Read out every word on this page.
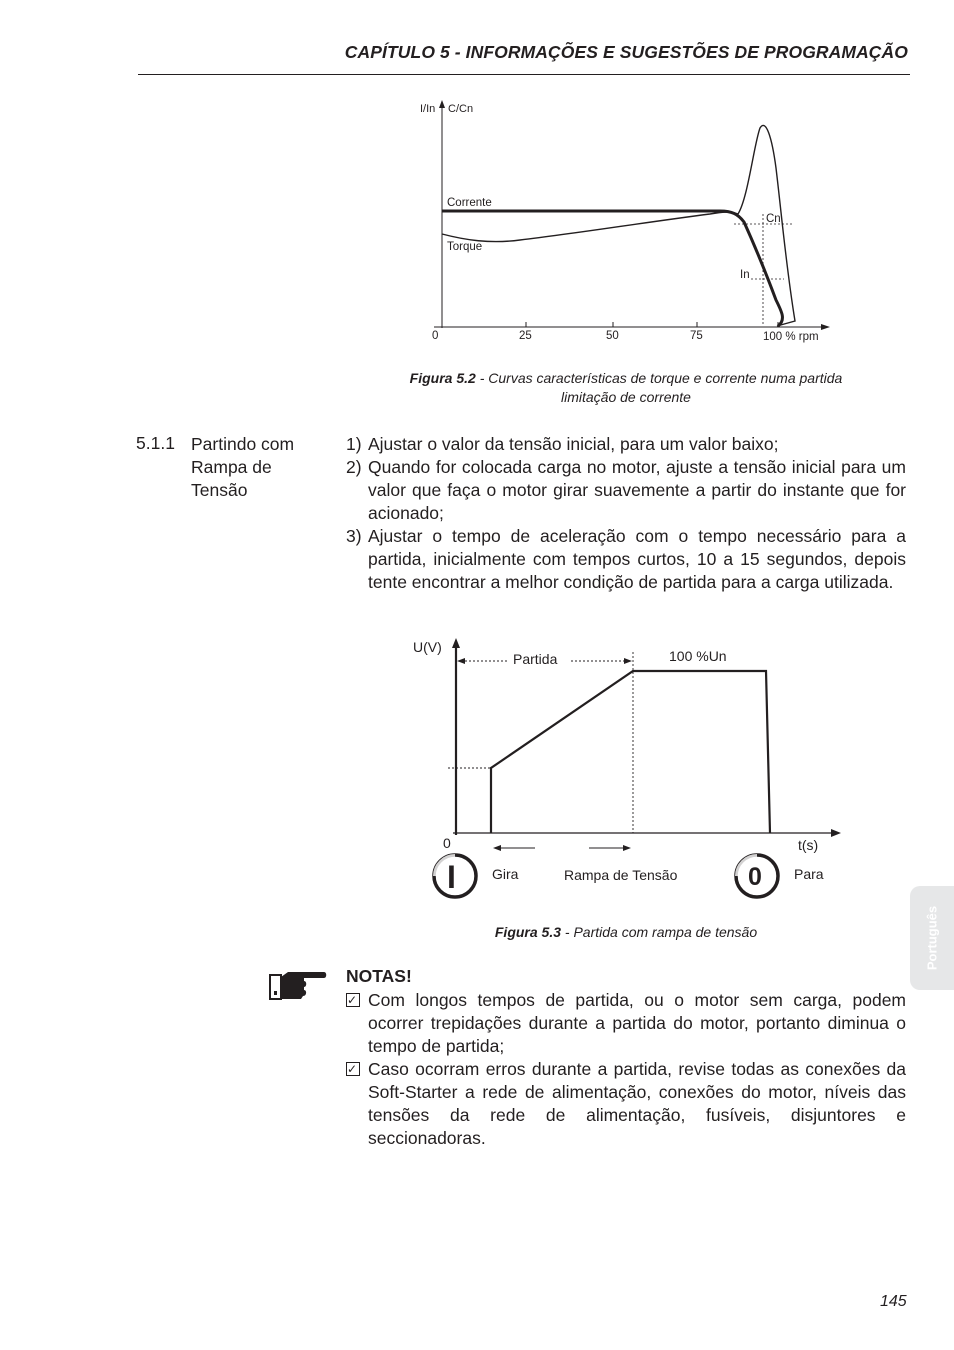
CAPÍTULO 5 - INFORMAÇÕES E SUGESTÕES DE PROGRAMAÇÃO
I/In C/Cn
Corrente
Torque
Cn
In
0	25	50	75	100 % rpm
Figura 5.2 - Curvas características de torque e corrente numa partida
limitação de corrente
5.1.1 Partindo com Rampa de Tensão
1) Ajustar o valor da tensão inicial, para um valor baixo;
2) Quando for colocada carga no motor, ajuste a tensão inicial para um valor que faça o motor girar suavemente a partir do instante que for acionado;
3) Ajustar o tempo de aceleração com o tempo necessário para a partida, inicialmente com tempos curtos, 10 a 15 segundos, depois tente encontrar a melhor condição de partida para a carga utilizada.
I	0
U(V)
0	t(s)
Partida	100 %Un
Gira	Rampa de Tensão	Para
Figura 5.3 - Partida com rampa de tensão
NOTAS!
✓ Com longos tempos de partida, ou o motor sem carga, podem ocorrer trepidações durante a partida do motor, portanto diminua o tempo de partida;
✓ Caso ocorram erros durante a partida, revise todas as conexões da Soft-Starter a rede de alimentação, conexões do motor, níveis das tensões da rede de alimentação, fusíveis, disjuntores e seccionadoras.
Português
145
